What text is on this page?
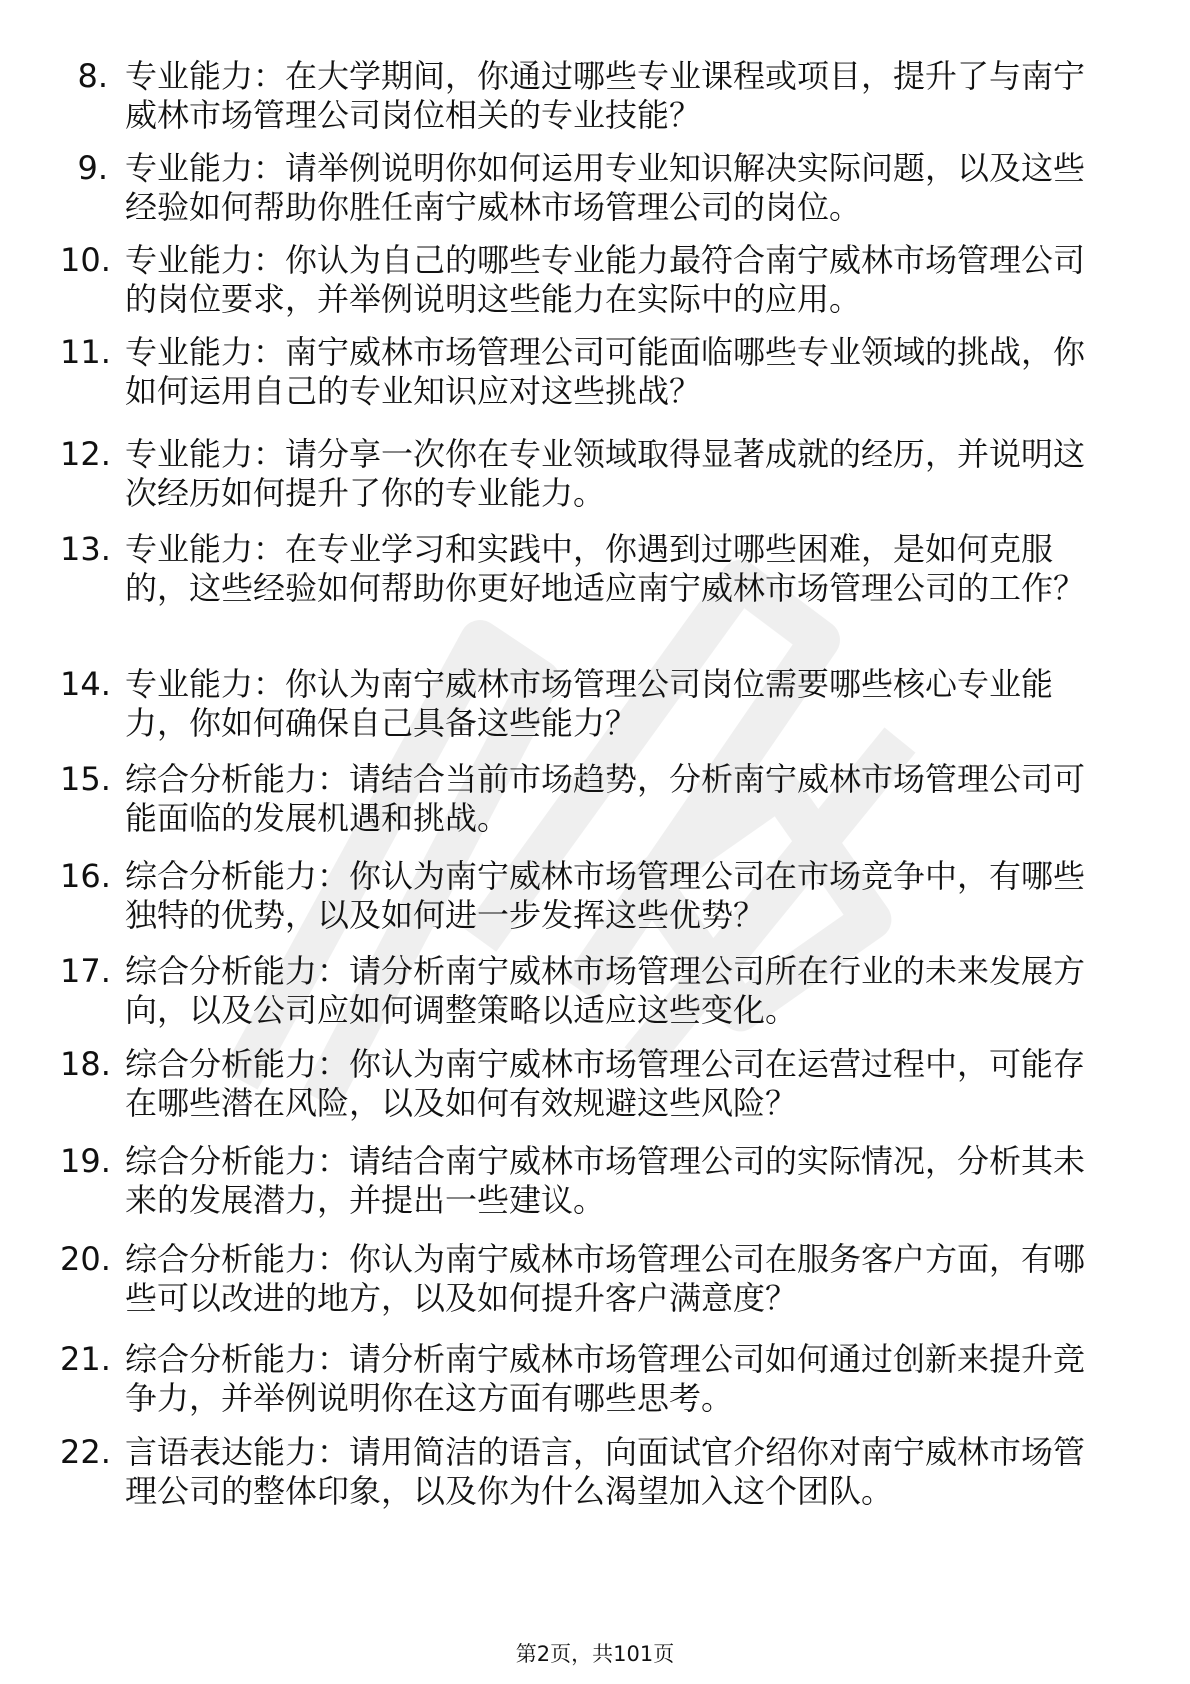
8. 专业能力：在大学期间，你通过哪些专业课程或项目，提升了与南宁威林市场管理公司岗位相关的专业技能？
9. 专业能力：请举例说明你如何运用专业知识解决实际问题，以及这些经验如何帮助你胜任南宁威林市场管理公司的岗位。
10. 专业能力：你认为自己的哪些专业能力最符合南宁威林市场管理公司的岗位要求，并举例说明这些能力在实际中的应用。
11. 专业能力：南宁威林市场管理公司可能面临哪些专业领域的挑战，你如何运用自己的专业知识应对这些挑战？
12. 专业能力：请分享一次你在专业领域取得显著成就的经历，并说明这次经历如何提升了你的专业能力。
13. 专业能力：在专业学习和实践中，你遇到过哪些困难，是如何克服的，这些经验如何帮助你更好地适应南宁威林市场管理公司的工作？
14. 专业能力：你认为南宁威林市场管理公司岗位需要哪些核心专业能力，你如何确保自己具备这些能力？
15. 综合分析能力：请结合当前市场趋势，分析南宁威林市场管理公司可能面临的发展机遇和挑战。
16. 综合分析能力：你认为南宁威林市场管理公司在市场竞争中，有哪些独特的优势，以及如何进一步发挥这些优势？
17. 综合分析能力：请分析南宁威林市场管理公司所在行业的未来发展方向，以及公司应如何调整策略以适应这些变化。
18. 综合分析能力：你认为南宁威林市场管理公司在运营过程中，可能存在哪些潜在风险，以及如何有效规避这些风险？
19. 综合分析能力：请结合南宁威林市场管理公司的实际情况，分析其未来的发展潜力，并提出一些建议。
20. 综合分析能力：你认为南宁威林市场管理公司在服务客户方面，有哪些可以改进的地方，以及如何提升客户满意度？
21. 综合分析能力：请分析南宁威林市场管理公司如何通过创新来提升竞争力，并举例说明你在这方面有哪些思考。
22. 言语表达能力：请用简洁的语言，向面试官介绍你对南宁威林市场管理公司的整体印象，以及你为什么渴望加入这个团队。
第2页，共101页
